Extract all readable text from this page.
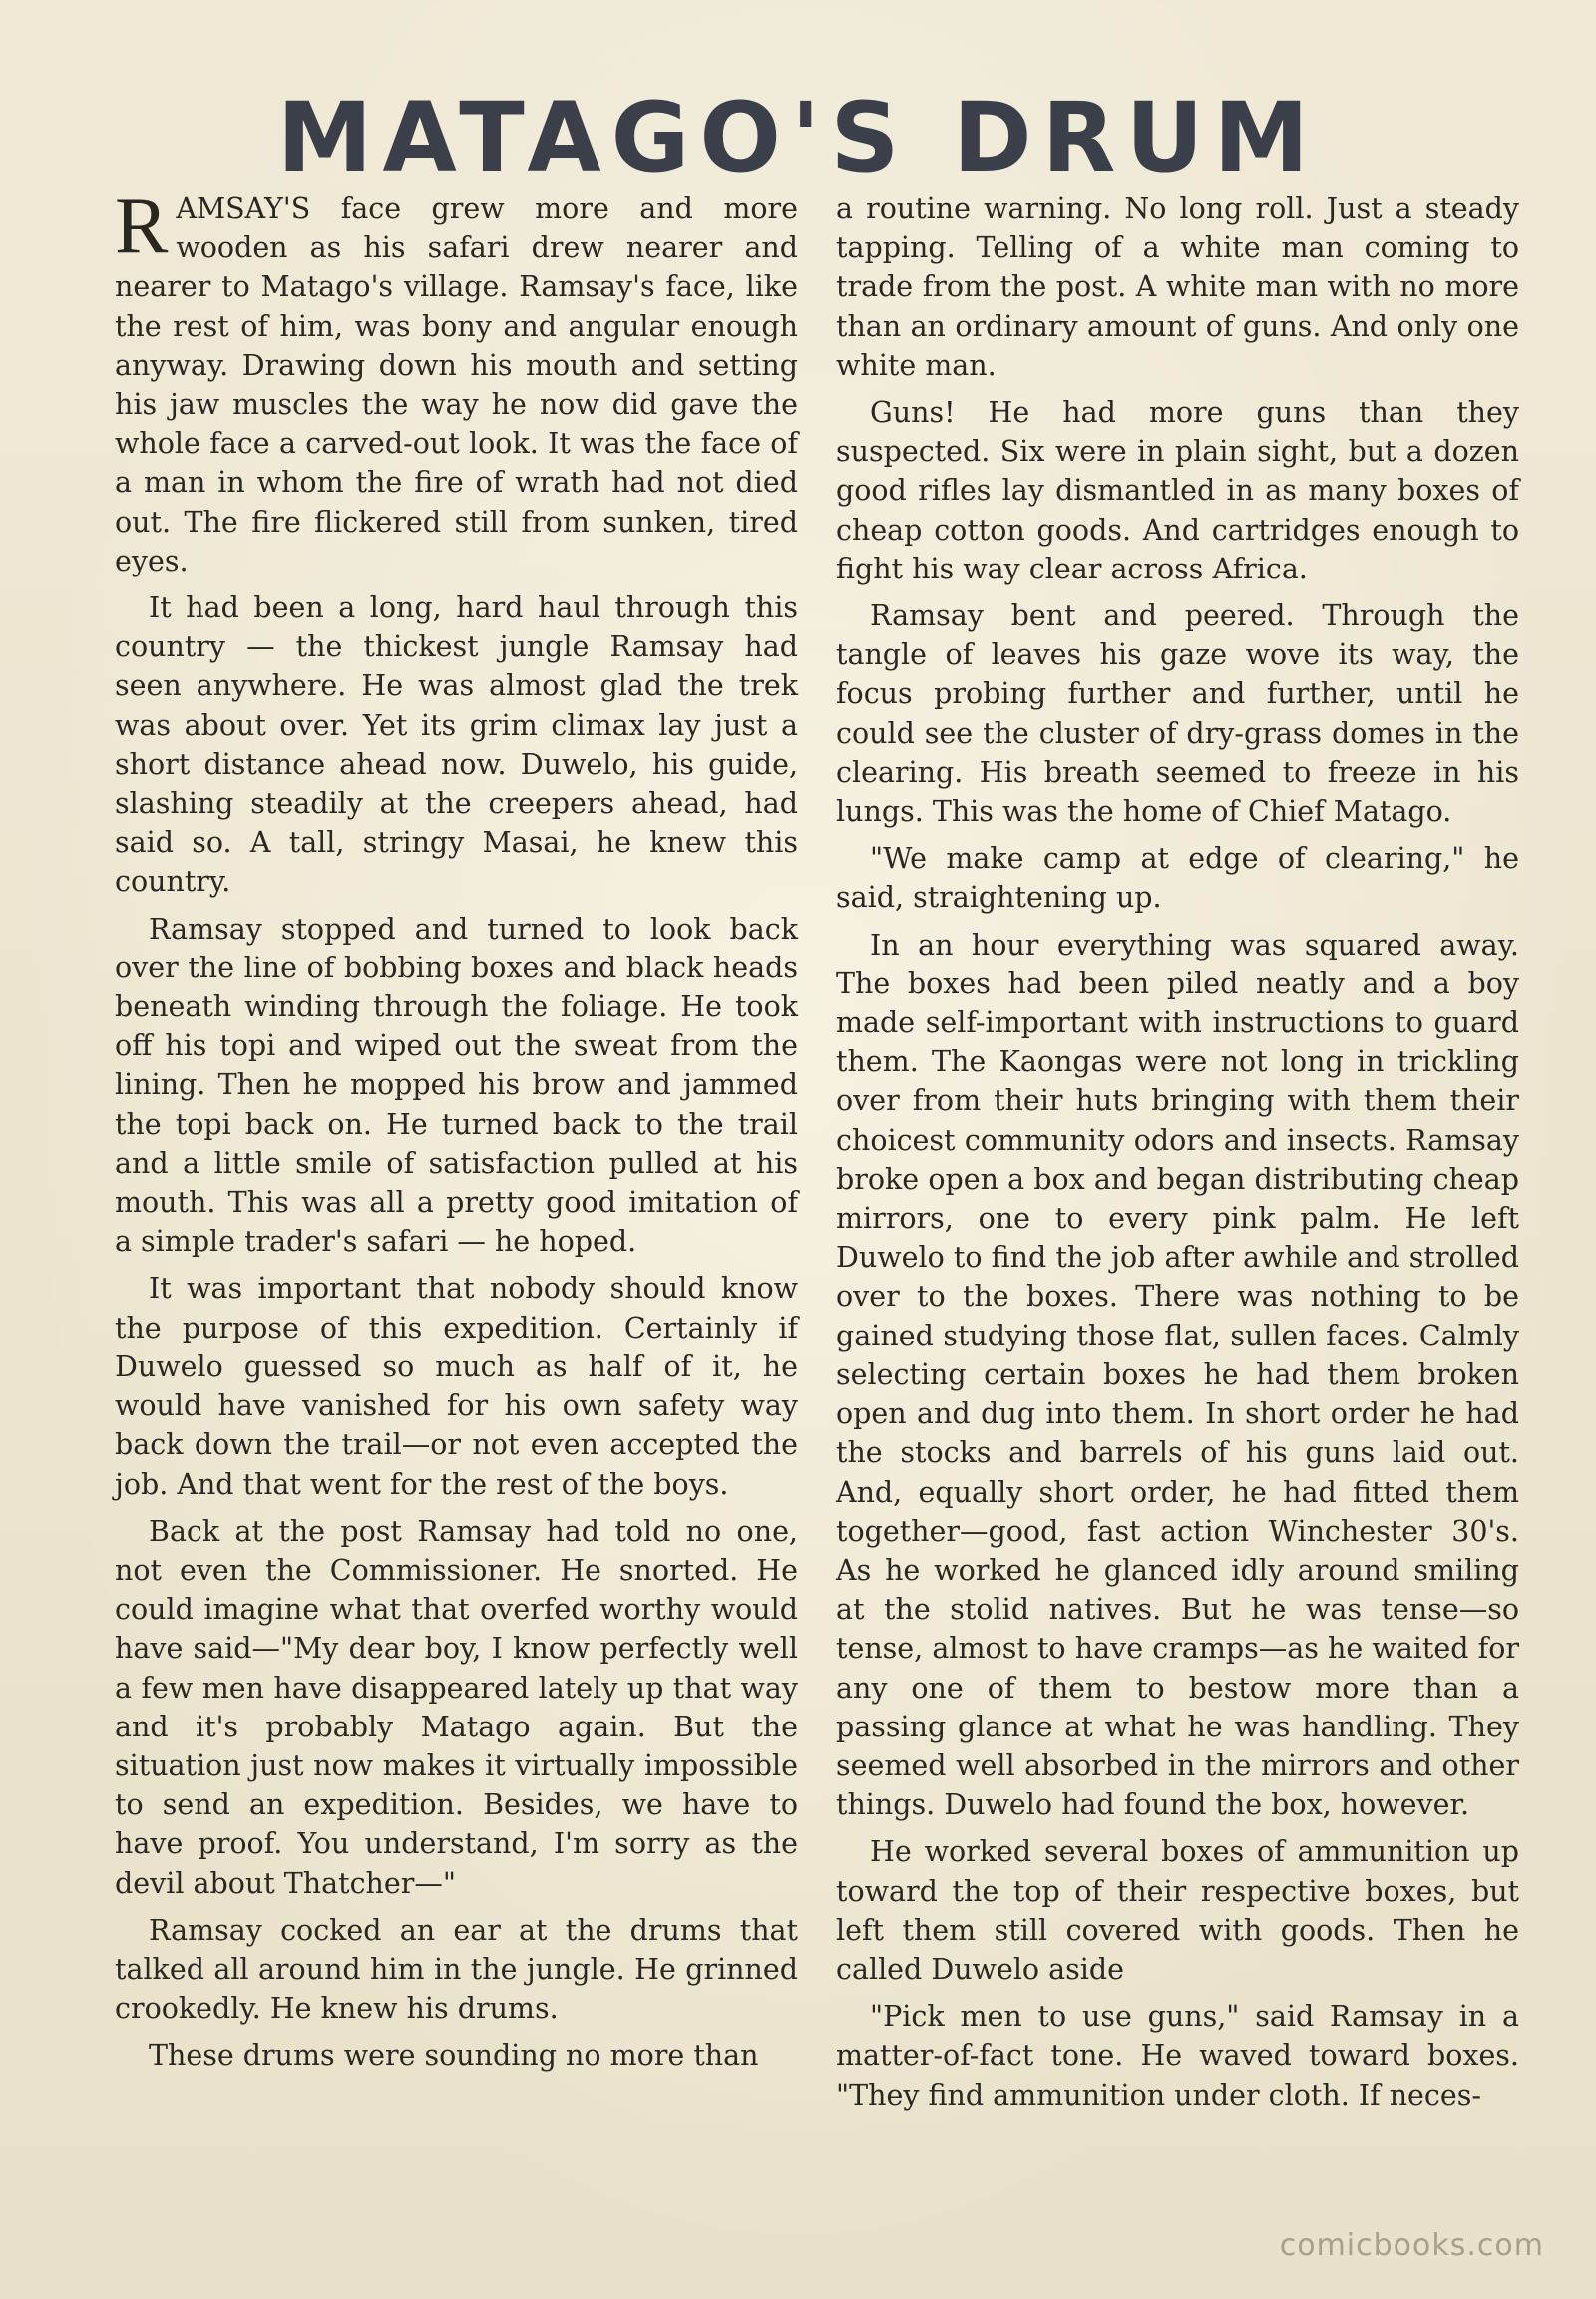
MATAGO'S DRUM

RAMSAY'S face grew more and more wooden as his safari drew nearer and nearer to Matago's village. Ramsay's face, like the rest of him, was bony and angular enough anyway. Drawing down his mouth and setting his jaw muscles the way he now did gave the whole face a carved-out look. It was the face of a man in whom the fire of wrath had not died out. The fire flickered still from sunken, tired eyes.

It had been a long, hard haul through this country — the thickest jungle Ramsay had seen anywhere. He was almost glad the trek was about over. Yet its grim climax lay just a short distance ahead now. Duwelo, his guide, slashing steadily at the creepers ahead, had said so. A tall, stringy Masai, he knew this country.

Ramsay stopped and turned to look back over the line of bobbing boxes and black heads beneath winding through the foliage. He took off his topi and wiped out the sweat from the lining. Then he mopped his brow and jammed the topi back on. He turned back to the trail and a little smile of satisfaction pulled at his mouth. This was all a pretty good imitation of a simple trader's safari — he hoped.

It was important that nobody should know the purpose of this expedition. Certainly if Duwelo guessed so much as half of it, he would have vanished for his own safety way back down the trail—or not even accepted the job. And that went for the rest of the boys.

Back at the post Ramsay had told no one, not even the Commissioner. He snorted. He could imagine what that overfed worthy would have said—"My dear boy, I know perfectly well a few men have disappeared lately up that way and it's probably Matago again. But the situation just now makes it virtually impossible to send an expedition. Besides, we have to have proof. You understand, I'm sorry as the devil about Thatcher—"

Ramsay cocked an ear at the drums that talked all around him in the jungle. He grinned crookedly. He knew his drums.

These drums were sounding no more than

a routine warning. No long roll. Just a steady tapping. Telling of a white man coming to trade from the post. A white man with no more than an ordinary amount of guns. And only one white man.

Guns! He had more guns than they suspected. Six were in plain sight, but a dozen good rifles lay dismantled in as many boxes of cheap cotton goods. And cartridges enough to fight his way clear across Africa.

Ramsay bent and peered. Through the tangle of leaves his gaze wove its way, the focus probing further and further, until he could see the cluster of dry-grass domes in the clearing. His breath seemed to freeze in his lungs. This was the home of Chief Matago.

"We make camp at edge of clearing," he said, straightening up.

In an hour everything was squared away. The boxes had been piled neatly and a boy made self-important with instructions to guard them. The Kaongas were not long in trickling over from their huts bringing with them their choicest community odors and insects. Ramsay broke open a box and began distributing cheap mirrors, one to every pink palm. He left Duwelo to find the job after awhile and strolled over to the boxes. There was nothing to be gained studying those flat, sullen faces. Calmly selecting certain boxes he had them broken open and dug into them. In short order he had the stocks and barrels of his guns laid out. And, equally short order, he had fitted them together—good, fast action Winchester 30's. As he worked he glanced idly around smiling at the stolid natives. But he was tense—so tense, almost to have cramps—as he waited for any one of them to bestow more than a passing glance at what he was handling. They seemed well absorbed in the mirrors and other things. Duwelo had found the box, however.

He worked several boxes of ammunition up toward the top of their respective boxes, but left them still covered with goods. Then he called Duwelo aside

"Pick men to use guns," said Ramsay in a matter-of-fact tone. He waved toward boxes. "They find ammunition under cloth. If neces-

comicbooks.com
